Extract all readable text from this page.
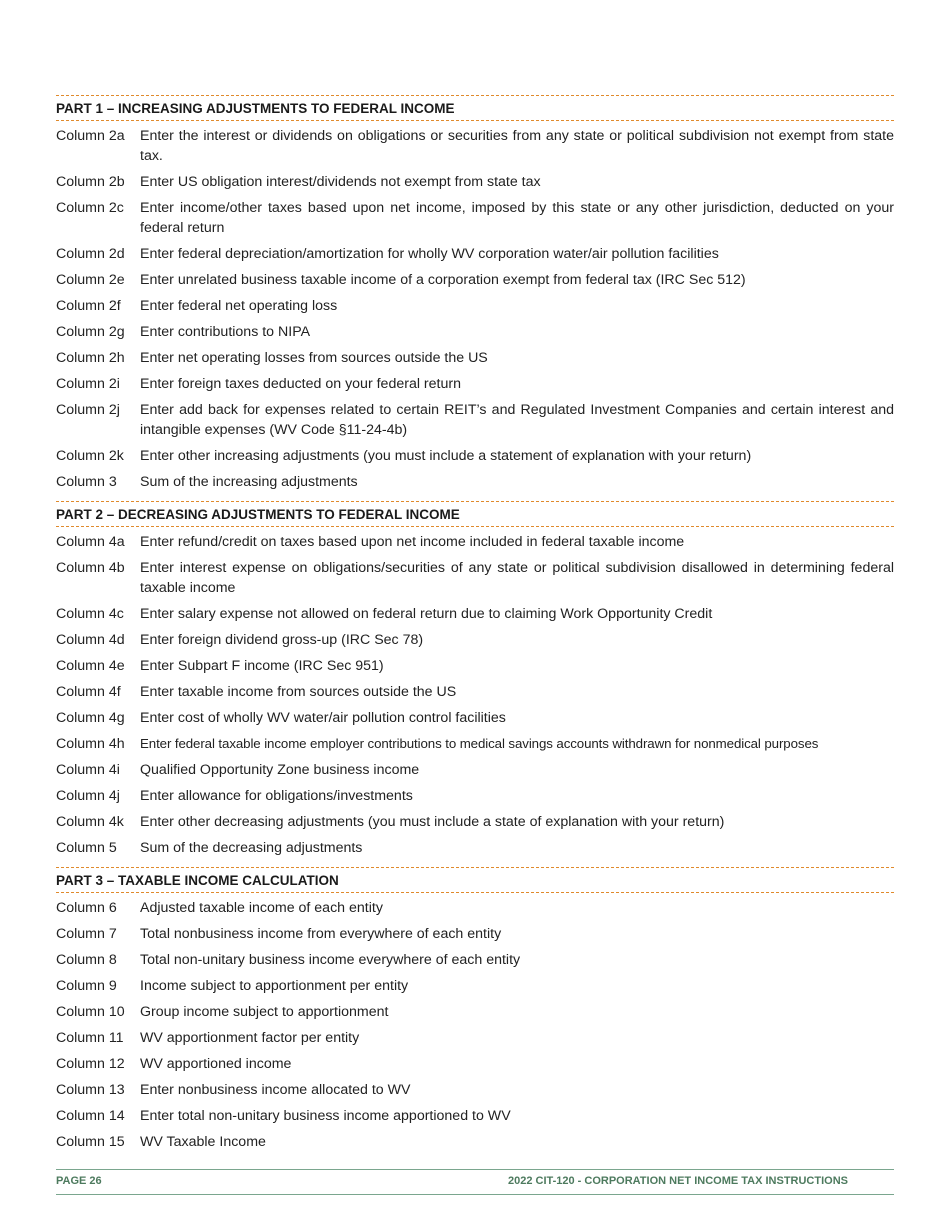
PART 1 – INCREASING ADJUSTMENTS TO FEDERAL INCOME
Column 2a	Enter the interest or dividends on obligations or securities from any state or political subdivision not exempt from state tax.
Column 2b	Enter US obligation interest/dividends not exempt from state tax
Column 2c	Enter income/other taxes based upon net income, imposed by this state or any other jurisdiction, deducted on your federal return
Column 2d	Enter federal depreciation/amortization for wholly WV corporation water/air pollution facilities
Column 2e	Enter unrelated business taxable income of a corporation exempt from federal tax (IRC Sec 512)
Column 2f	Enter federal net operating loss
Column 2g	Enter contributions to NIPA
Column 2h	Enter net operating losses from sources outside the US
Column 2i	Enter foreign taxes deducted on your federal return
Column 2j	Enter add back for expenses related to certain REIT’s and Regulated Investment Companies and certain interest and intangible expenses (WV Code §11-24-4b)
Column 2k	Enter other increasing adjustments (you must include a statement of explanation with your return)
Column 3	Sum of the increasing adjustments
PART 2 – DECREASING ADJUSTMENTS TO FEDERAL INCOME
Column 4a	Enter refund/credit on taxes based upon net income included in federal taxable income
Column 4b	Enter interest expense on obligations/securities of any state or political subdivision disallowed in determining federal taxable income
Column 4c	Enter salary expense not allowed on federal return due to claiming Work Opportunity Credit
Column 4d	Enter foreign dividend gross-up (IRC Sec 78)
Column 4e	Enter Subpart F income (IRC Sec 951)
Column 4f	Enter taxable income from sources outside the US
Column 4g	Enter cost of wholly WV water/air pollution control facilities
Column 4h	Enter federal taxable income employer contributions to medical savings accounts withdrawn for nonmedical purposes
Column 4i	Qualified Opportunity Zone business income
Column 4j	Enter allowance for obligations/investments
Column 4k	Enter other decreasing adjustments (you must include a state of explanation with your return)
Column 5	Sum of the decreasing adjustments
PART 3 – TAXABLE INCOME CALCULATION
Column 6	Adjusted taxable income of each entity
Column 7	Total nonbusiness income from everywhere of each entity
Column 8	Total non-unitary business income everywhere of each entity
Column 9	Income subject to apportionment per entity
Column 10	Group income subject to apportionment
Column 11	WV apportionment factor per entity
Column 12	WV apportioned income
Column 13	Enter nonbusiness income allocated to WV
Column 14	Enter total non-unitary business income apportioned to WV
Column 15	WV Taxable Income
PAGE 26	2022 CIT-120 - CORPORATION NET INCOME TAX INSTRUCTIONS
